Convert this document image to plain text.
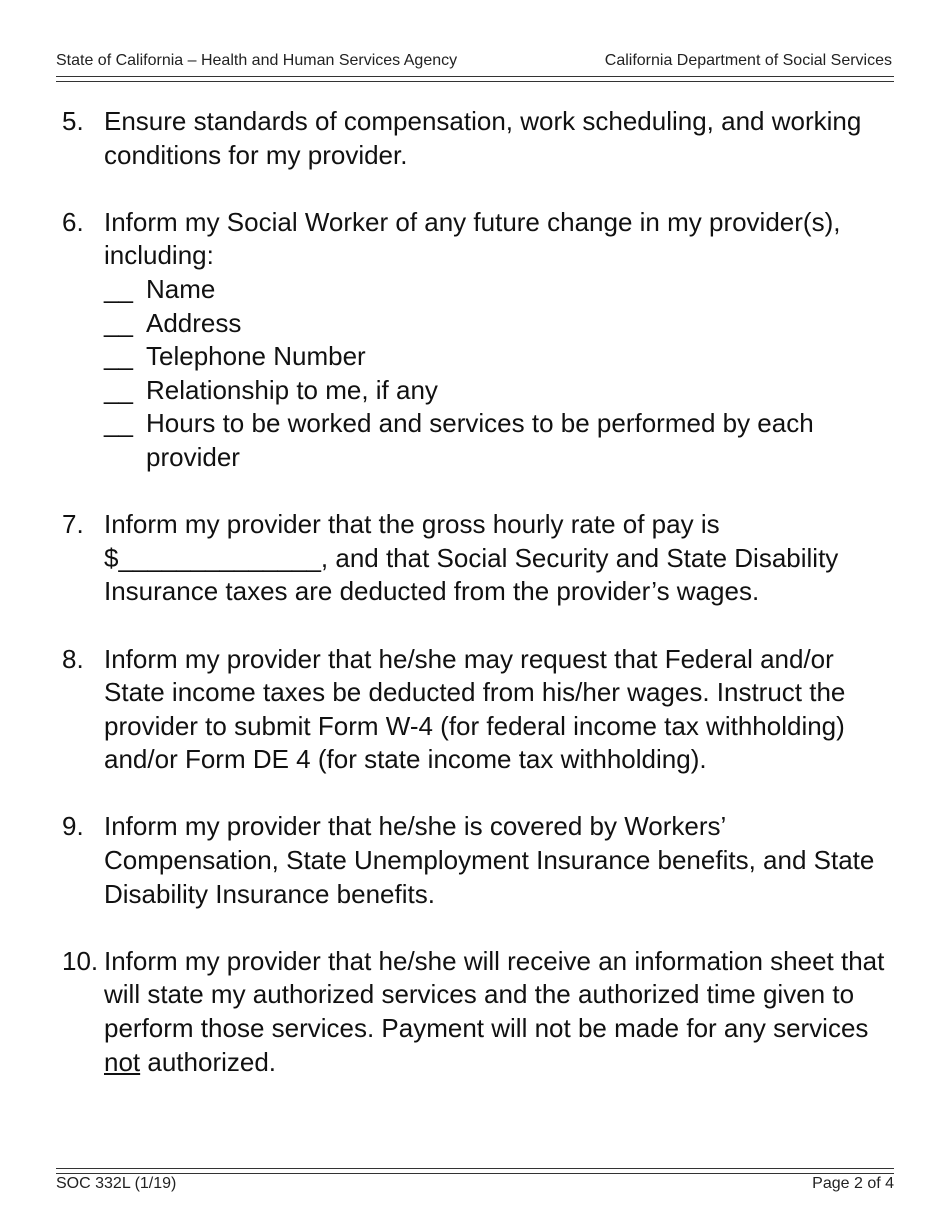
State of California – Health and Human Services Agency	California Department of Social Services
5. Ensure standards of compensation, work scheduling, and working conditions for my provider.
6. Inform my Social Worker of any future change in my provider(s), including:
__ Name
__ Address
__ Telephone Number
__ Relationship to me, if any
__ Hours to be worked and services to be performed by each provider
7. Inform my provider that the gross hourly rate of pay is $______________, and that Social Security and State Disability Insurance taxes are deducted from the provider’s wages.
8. Inform my provider that he/she may request that Federal and/or State income taxes be deducted from his/her wages. Instruct the provider to submit Form W-4 (for federal income tax withholding) and/or Form DE 4 (for state income tax withholding).
9. Inform my provider that he/she is covered by Workers’ Compensation, State Unemployment Insurance benefits, and State Disability Insurance benefits.
10. Inform my provider that he/she will receive an information sheet that will state my authorized services and the authorized time given to perform those services. Payment will not be made for any services not authorized.
SOC 332L (1/19)	Page 2 of 4
